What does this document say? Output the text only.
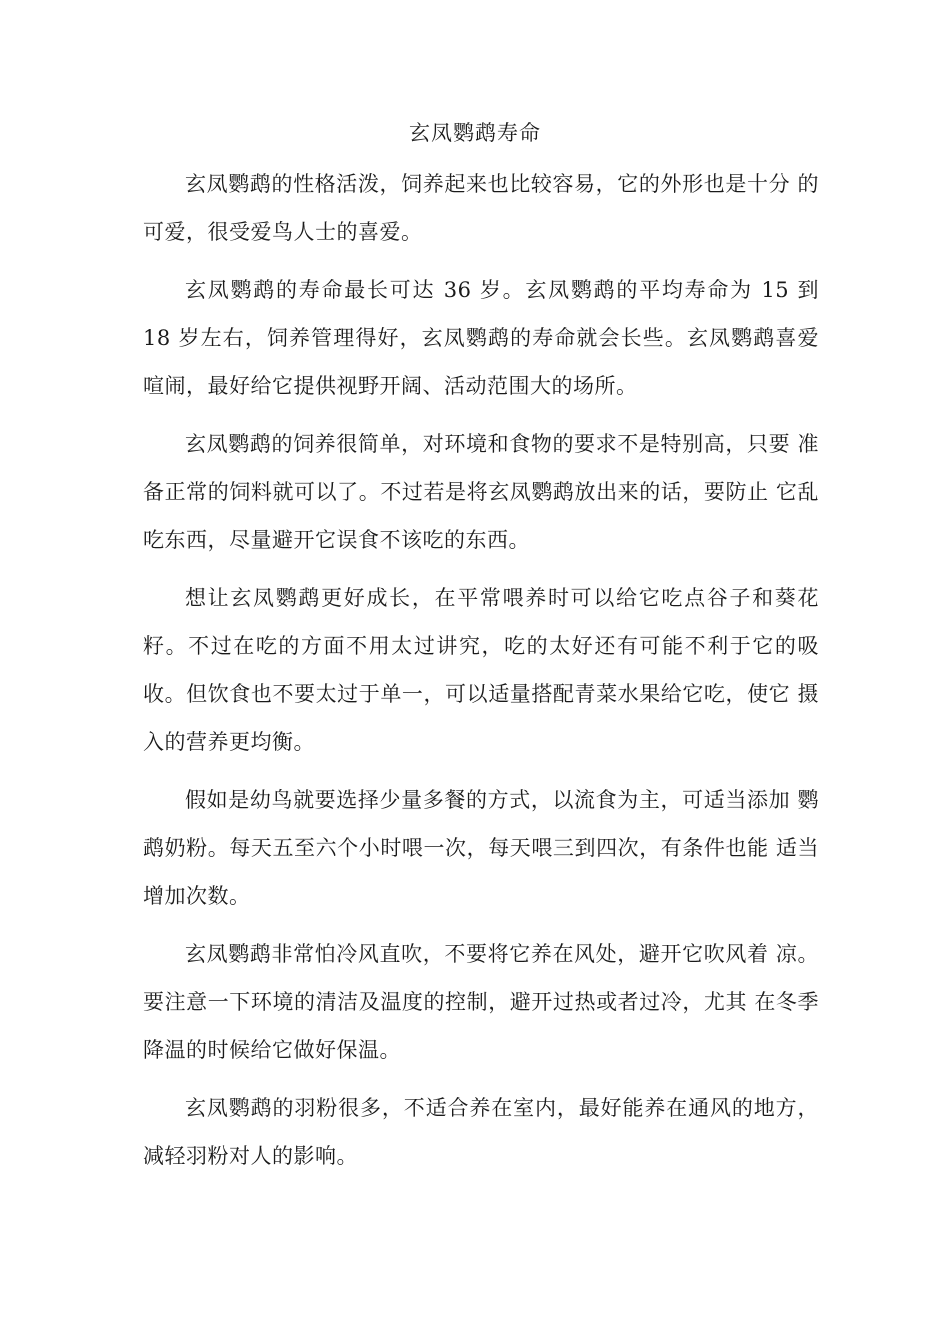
玄凤鹦鹉寿命

玄凤鹦鹉的性格活泼，饲养起来也比较容易，它的外形也是十分 的可爱，很受爱鸟人士的喜爱。

玄凤鹦鹉的寿命最长可达 36 岁。玄凤鹦鹉的平均寿命为 15 到 18 岁左右，饲养管理得好，玄凤鹦鹉的寿命就会长些。玄凤鹦鹉喜爱 喧闹，最好给它提供视野开阔、活动范围大的场所。

玄凤鹦鹉的饲养很简单，对环境和食物的要求不是特别高，只要 准备正常的饲料就可以了。不过若是将玄凤鹦鹉放出来的话，要防止 它乱吃东西，尽量避开它误食不该吃的东西。

想让玄凤鹦鹉更好成长，在平常喂养时可以给它吃点谷子和葵花籽。不过在吃的方面不用太过讲究，吃的太好还有可能不利于它的吸收。但饮食也不要太过于单一，可以适量搭配青菜水果给它吃，使它 摄入的营养更均衡。

假如是幼鸟就要选择少量多餐的方式，以流食为主，可适当添加 鹦鹉奶粉。每天五至六个小时喂一次，每天喂三到四次，有条件也能 适当增加次数。

玄凤鹦鹉非常怕冷风直吹，不要将它养在风处，避开它吹风着 凉。要注意一下环境的清洁及温度的控制，避开过热或者过冷，尤其 在冬季降温的时候给它做好保温。

玄凤鹦鹉的羽粉很多，不适合养在室内，最好能养在通风的地方，减轻羽粉对人的影响。
